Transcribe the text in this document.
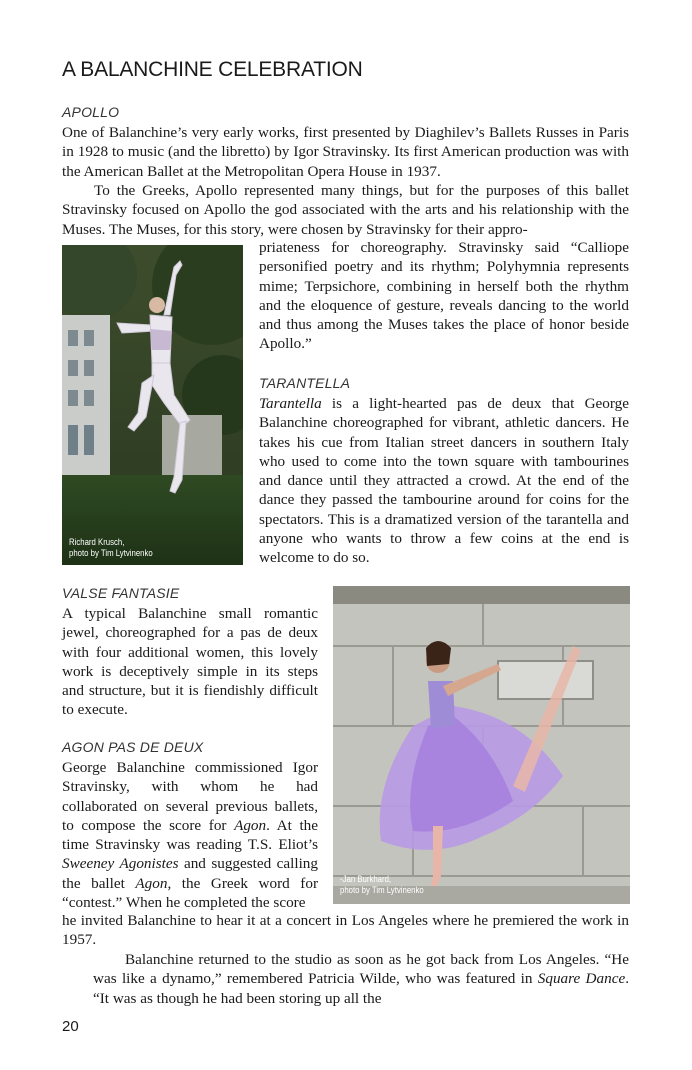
A BALANCHINE CELEBRATION
APOLLO

One of Balanchine’s very early works, first presented by Diaghilev’s Ballets Russes in Paris in 1928 to music (and the libretto) by Igor Stravinsky. Its first American production was with the American Ballet at the Metropolitan Opera House in 1937.

To the Greeks, Apollo represented many things, but for the purposes of this ballet Stravinsky focused on Apollo the god associated with the arts and his relationship with the Muses. The Muses, for this story, were chosen by Stravinsky for their appro-

priateness for choreography. Stravinsky said “Calliope personified poetry and its rhythm; Polyhymnia represents mime; Terpsichore, combining in herself both the rhythm and the eloquence of gesture, reveals dancing to the world and thus among the Muses takes the place of honor beside Apollo.”

Richard Krusch,
photo by Tim Lytvinenko
TARANTELLA

Tarantella is a light-hearted pas de deux that George Balanchine choreographed for vibrant, athletic dancers. He takes his cue from Italian street dancers in southern Italy who used to come into the town square with tambourines and dance until they attracted a crowd. At the end of the dance they passed the tambourine around for coins for the spectators. This is a dramatized version of the tarantella and anyone who wants to throw a few coins at the end is welcome to do so.

VALSE FANTASIE

A typical Balanchine small romantic jewel, choreographed for a pas de deux with four additional women, this lovely work is deceptively simple in its steps and structure, but it is fiendishly difficult to execute.

-Jan Burkhard,
photo by Tim Lytvinenko
AGON PAS DE DEUX

George Balanchine commissioned Igor Stravinsky, with whom he had collaborated on several previous ballets, to compose the score for Agon. At the time Stravinsky was reading T.S. Eliot’s Sweeney Agonistes and suggested calling the ballet Agon, the Greek word for “contest.” When he completed the score

he invited Balanchine to hear it at a concert in Los Angeles where he premiered the work in 1957.

Balanchine returned to the studio as soon as he got back from Los Angeles. “He was like a dynamo,” remembered Patricia Wilde, who was featured in Square Dance. “It was as though he had been storing up all the

20
